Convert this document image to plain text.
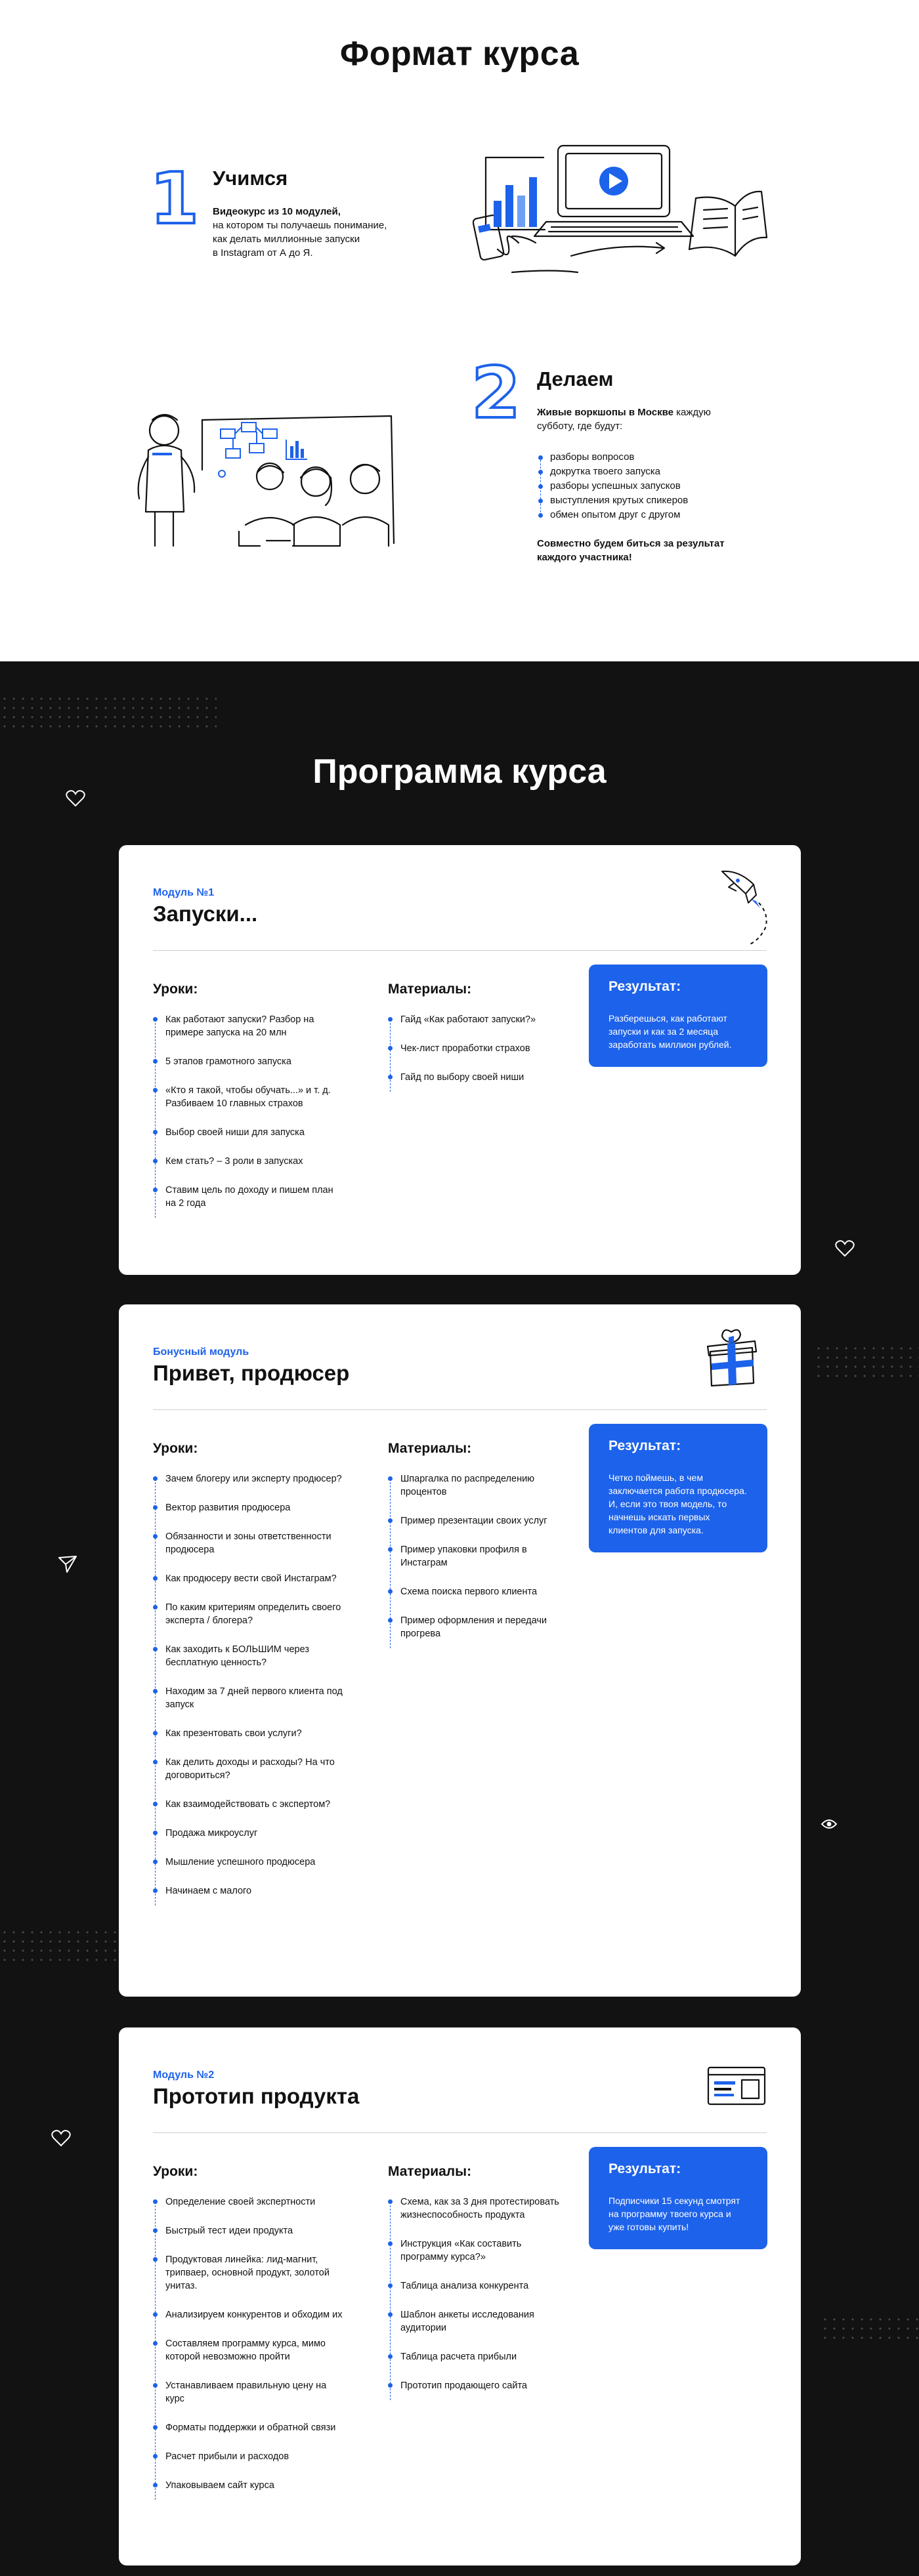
Формат курса
1 Учимся
Видеокурс из 10 модулей,
на котором ты получаешь понимание,
как делать миллионные запуски
в Instagram от А до Я.
2 Делаем
Живые воркшопы в Москве каждую
субботу, где будут:
разборы вопросов
докрутка твоего запуска
разборы успешных запусков
выступления крутых спикеров
обмен опытом друг с другом
Совместно будем биться за результат
каждого участника!
Программа курса
Модуль №1
Запуски...
Уроки:
Как работают запуски? Разбор на примере запуска на 20 млн
5 этапов грамотного запуска
«Кто я такой, чтобы обучать...» и т. д. Разбиваем 10 главных страхов
Выбор своей ниши для запуска
Кем стать? – 3 роли в запусках
Ставим цель по доходу и пишем план на 2 года
Материалы:
Гайд «Как работают запуски?»
Чек-лист проработки страхов
Гайд по выбору своей ниши
Результат:
Разберешься, как работают запуски и как за 2 месяца заработать миллион рублей.
Бонусный модуль
Привет, продюсер
Уроки:
Зачем блогеру или эксперту продюсер?
Вектор развития продюсера
Обязанности и зоны ответственности продюсера
Как продюсеру вести свой Инстаграм?
По каким критериям определить своего эксперта / блогера?
Как заходить к БОЛЬШИМ через бесплатную ценность?
Находим за 7 дней первого клиента под запуск
Как презентовать свои услуги?
Как делить доходы и расходы? На что договориться?
Как взаимодействовать с экспертом?
Продажа микроуслуг
Мышление успешного продюсера
Начинаем с малого
Материалы:
Шпаргалка по распределению процентов
Пример презентации своих услуг
Пример упаковки профиля в Инстаграм
Схема поиска первого клиента
Пример оформления и передачи прогрева
Результат:
Четко поймешь, в чем заключается работа продюсера. И, если это твоя модель, то начнешь искать первых клиентов для запуска.
Модуль №2
Прототип продукта
Уроки:
Определение своей экспертности
Быстрый тест идеи продукта
Продуктовая линейка: лид-магнит, трипваер, основной продукт, золотой унитаз.
Анализируем конкурентов и обходим их
Составляем программу курса, мимо которой невозможно пройти
Устанавливаем правильную цену на курс
Форматы поддержки и обратной связи
Расчет прибыли и расходов
Упаковываем сайт курса
Материалы:
Схема, как за 3 дня протестировать жизнеспособность продукта
Инструкция «Как составить программу курса?»
Таблица анализа конкурента
Шаблон анкеты исследования аудитории
Таблица расчета прибыли
Прототип продающего сайта
Результат:
Подписчики 15 секунд смотрят на программу твоего курса и уже готовы купить!
